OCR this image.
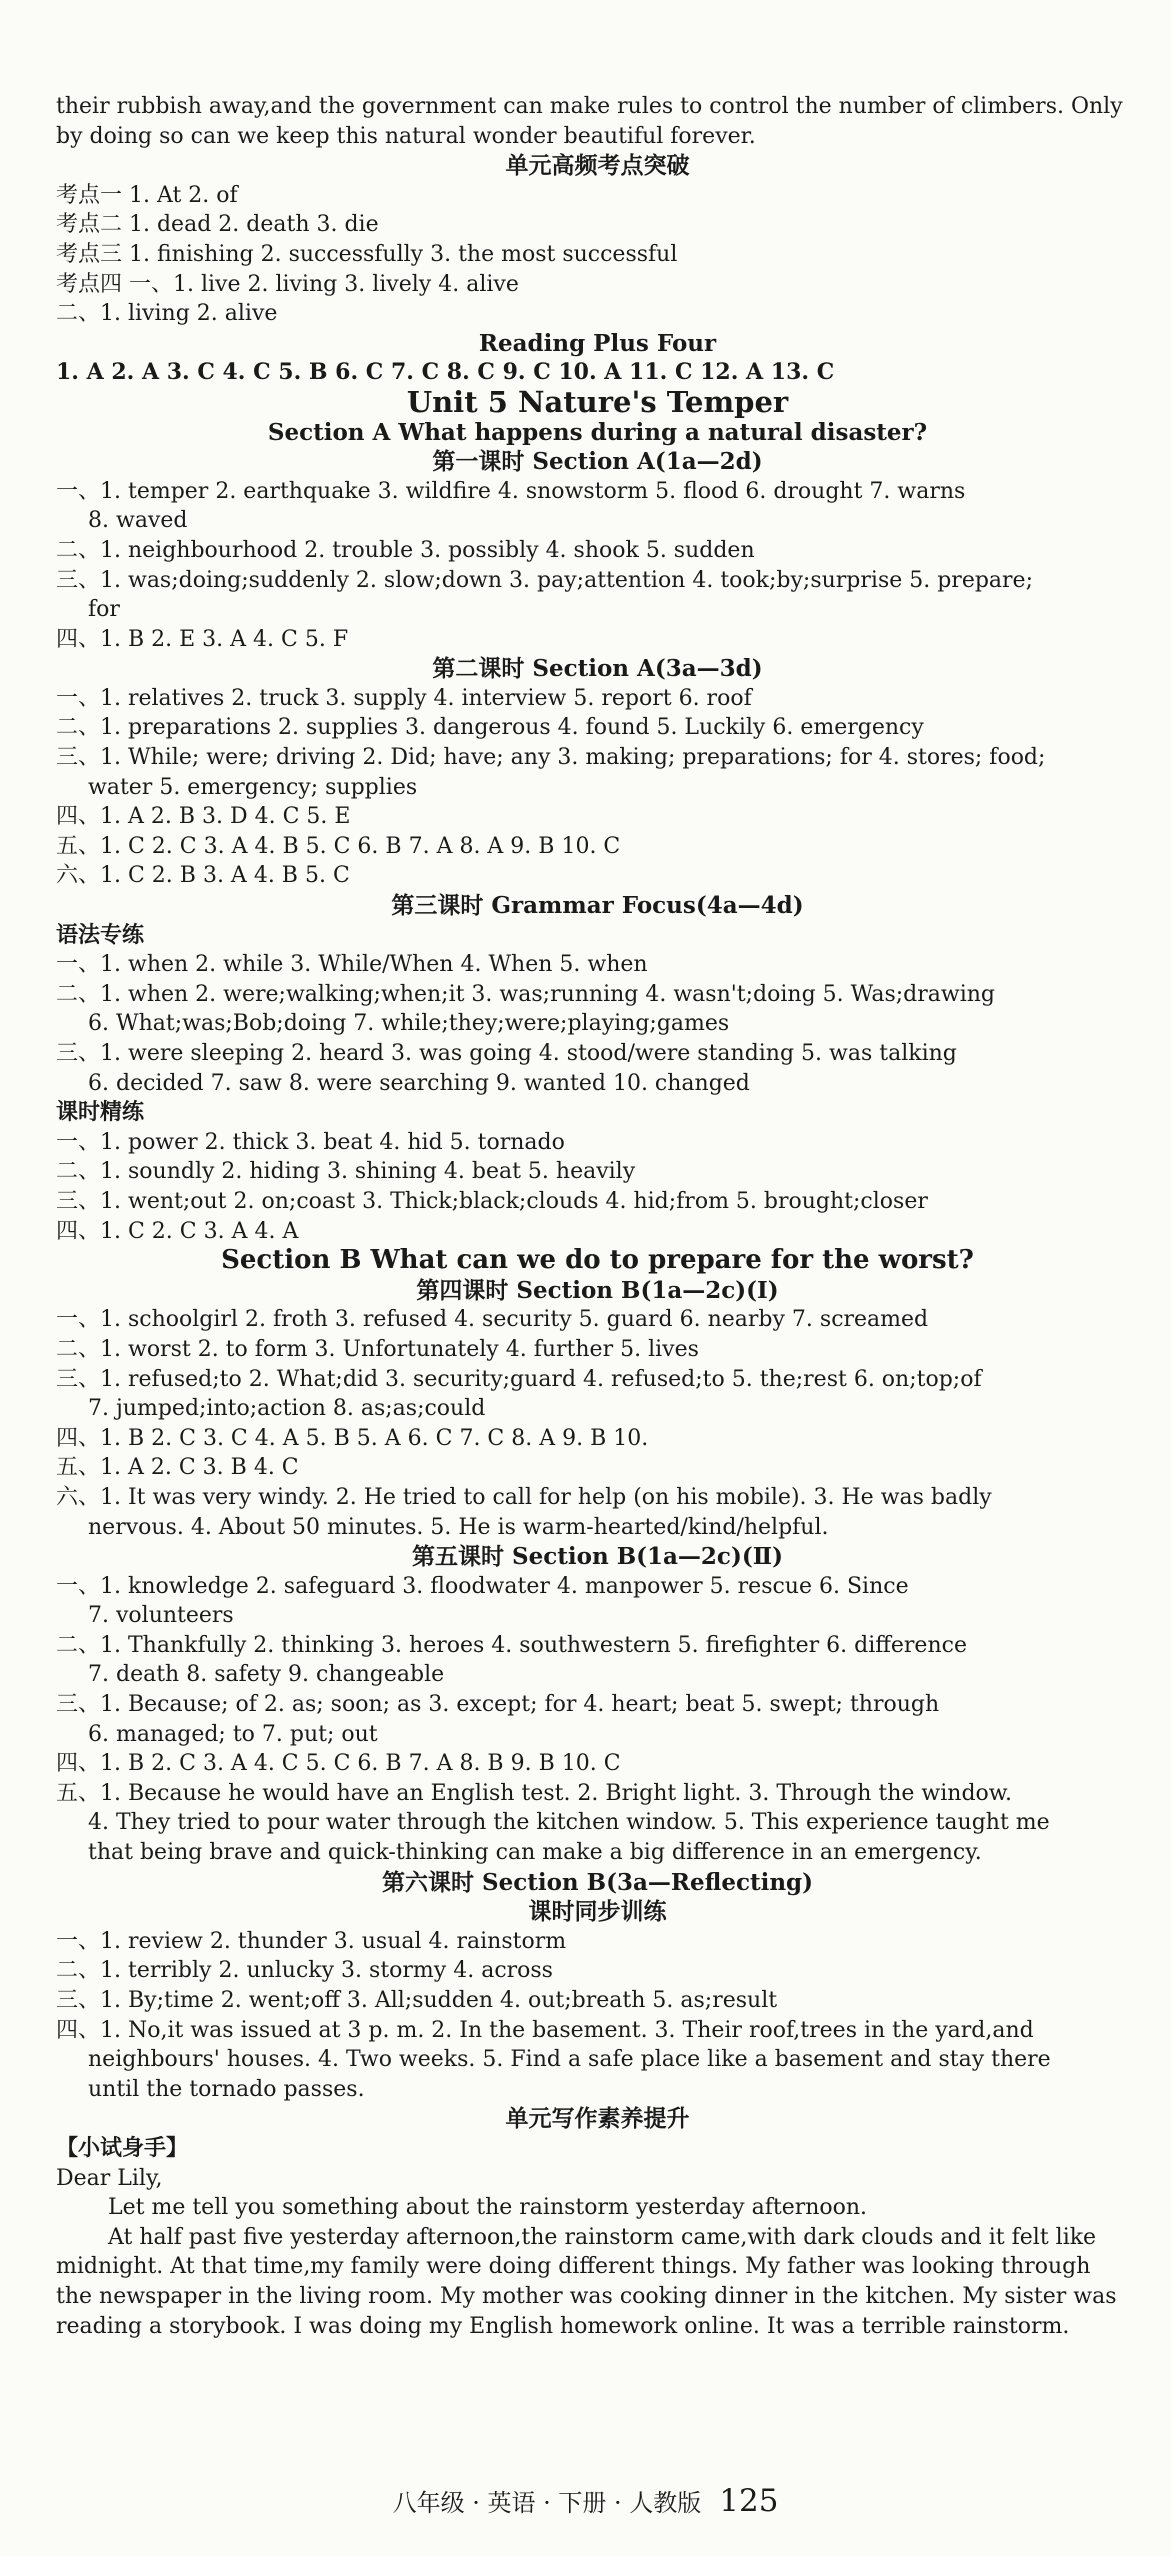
their rubbish away,and the government can make rules to control the number of climbers. Only
by doing so can we keep this natural wonder beautiful forever.
单元高频考点突破
考点一 1. At 2. of
考点二 1. dead 2. death 3. die
考点三 1. finishing 2. successfully 3. the most successful
考点四 一、1. live 2. living 3. lively 4. alive
二、1. living 2. alive
Reading Plus Four
1. A 2. A 3. C 4. C 5. B 6. C 7. C 8. C 9. C 10. A 11. C 12. A 13. C
Unit 5 Nature's Temper
Section A What happens during a natural disaster?
第一课时 Section A(1a—2d)
一、1. temper 2. earthquake 3. wildfire 4. snowstorm 5. flood 6. drought 7. warns
8. waved
二、1. neighbourhood 2. trouble 3. possibly 4. shook 5. sudden
三、1. was;doing;suddenly 2. slow;down 3. pay;attention 4. took;by;surprise 5. prepare;
for
四、1. B 2. E 3. A 4. C 5. F
第二课时 Section A(3a—3d)
一、1. relatives 2. truck 3. supply 4. interview 5. report 6. roof
二、1. preparations 2. supplies 3. dangerous 4. found 5. Luckily 6. emergency
三、1. While; were; driving 2. Did; have; any 3. making; preparations; for 4. stores; food;
water 5. emergency; supplies
四、1. A 2. B 3. D 4. C 5. E
五、1. C 2. C 3. A 4. B 5. C 6. B 7. A 8. A 9. B 10. C
六、1. C 2. B 3. A 4. B 5. C
第三课时 Grammar Focus(4a—4d)
语法专练
一、1. when 2. while 3. While/When 4. When 5. when
二、1. when 2. were;walking;when;it 3. was;running 4. wasn't;doing 5. Was;drawing
6. What;was;Bob;doing 7. while;they;were;playing;games
三、1. were sleeping 2. heard 3. was going 4. stood/were standing 5. was talking
6. decided 7. saw 8. were searching 9. wanted 10. changed
课时精练
一、1. power 2. thick 3. beat 4. hid 5. tornado
二、1. soundly 2. hiding 3. shining 4. beat 5. heavily
三、1. went;out 2. on;coast 3. Thick;black;clouds 4. hid;from 5. brought;closer
四、1. C 2. C 3. A 4. A
Section B What can we do to prepare for the worst?
第四课时 Section B(1a—2c)(Ⅰ)
一、1. schoolgirl 2. froth 3. refused 4. security 5. guard 6. nearby 7. screamed
二、1. worst 2. to form 3. Unfortunately 4. further 5. lives
三、1. refused;to 2. What;did 3. security;guard 4. refused;to 5. the;rest 6. on;top;of
7. jumped;into;action 8. as;as;could
四、1. B 2. C 3. C 4. A 5. B 5. A 6. C 7. C 8. A 9. B 10.
五、1. A 2. C 3. B 4. C
六、1. It was very windy. 2. He tried to call for help (on his mobile). 3. He was badly
nervous. 4. About 50 minutes. 5. He is warm-hearted/kind/helpful.
第五课时 Section B(1a—2c)(Ⅱ)
一、1. knowledge 2. safeguard 3. floodwater 4. manpower 5. rescue 6. Since
7. volunteers
二、1. Thankfully 2. thinking 3. heroes 4. southwestern 5. firefighter 6. difference
7. death 8. safety 9. changeable
三、1. Because; of 2. as; soon; as 3. except; for 4. heart; beat 5. swept; through
6. managed; to 7. put; out
四、1. B 2. C 3. A 4. C 5. C 6. B 7. A 8. B 9. B 10. C
五、1. Because he would have an English test. 2. Bright light. 3. Through the window.
4. They tried to pour water through the kitchen window. 5. This experience taught me
that being brave and quick-thinking can make a big difference in an emergency.
第六课时 Section B(3a—Reflecting)
课时同步训练
一、1. review 2. thunder 3. usual 4. rainstorm
二、1. terribly 2. unlucky 3. stormy 4. across
三、1. By;time 2. went;off 3. All;sudden 4. out;breath 5. as;result
四、1. No,it was issued at 3 p. m. 2. In the basement. 3. Their roof,trees in the yard,and
neighbours' houses. 4. Two weeks. 5. Find a safe place like a basement and stay there
until the tornado passes.
单元写作素养提升
【小试身手】
Dear Lily,
Let me tell you something about the rainstorm yesterday afternoon.
At half past five yesterday afternoon,the rainstorm came,with dark clouds and it felt like
midnight. At that time,my family were doing different things. My father was looking through
the newspaper in the living room. My mother was cooking dinner in the kitchen. My sister was
reading a storybook. I was doing my English homework online. It was a terrible rainstorm.
八年级 · 英语 · 下册 · 人教版 125
